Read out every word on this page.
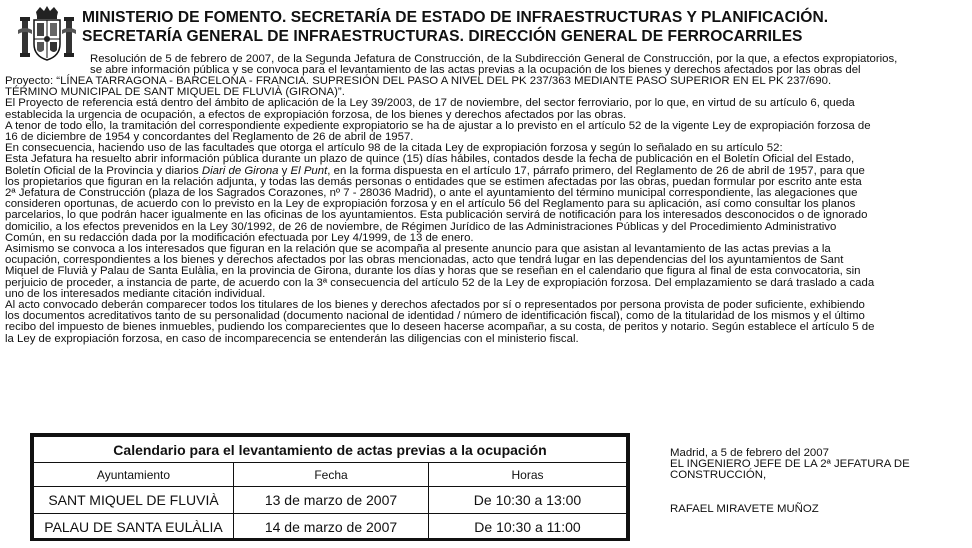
MINISTERIO DE FOMENTO. SECRETARÍA DE ESTADO DE INFRAESTRUCTURAS Y PLANIFICACIÓN.
SECRETARÍA GENERAL DE INFRAESTRUCTURAS. DIRECCIÓN GENERAL DE FERROCARRILES

Resolución de 5 de febrero de 2007, de la Segunda Jefatura de Construcción, de la Subdirección General de Construcción, por la que, a efectos expropiatorios,

se abre información pública y se convoca para el levantamiento de las actas previas a la ocupación de los bienes y derechos afectados por las obras del

Proyecto: “LÍNEA TARRAGONA - BARCELONA - FRANCIA. SUPRESIÓN DEL PASO A NIVEL DEL PK 237/363 MEDIANTE PASO SUPERIOR EN EL PK 237/690.

TÉRMINO MUNICIPAL DE SANT MIQUEL DE FLUVIÀ (GIRONA)”.

El Proyecto de referencia está dentro del ámbito de aplicación de la Ley 39/2003, de 17 de noviembre, del sector ferroviario, por lo que, en virtud de su artículo 6, queda

establecida la urgencia de ocupación, a efectos de expropiación forzosa, de los bienes y derechos afectados por las obras.

A tenor de todo ello, la tramitación del correspondiente expediente expropiatorio se ha de ajustar a lo previsto en el artículo 52 de la vigente Ley de expropiación forzosa de

16 de diciembre de 1954 y concordantes del Reglamento de 26 de abril de 1957.

En consecuencia, haciendo uso de las facultades que otorga el artículo 98 de la citada Ley de expropiación forzosa y según lo señalado en su artículo 52:

Esta Jefatura ha resuelto abrir información pública durante un plazo de quince (15) días hábiles, contados desde la fecha de publicación en el Boletín Oficial del Estado,

Boletín Oficial de la Provincia y diarios Diari de Girona y El Punt, en la forma dispuesta en el artículo 17, párrafo primero, del Reglamento de 26 de abril de 1957, para que

los propietarios que figuran en la relación adjunta, y todas las demás personas o entidades que se estimen afectadas por las obras, puedan formular por escrito ante esta

2ª Jefatura de Construcción (plaza de los Sagrados Corazones, nº 7 - 28036 Madrid), o ante el ayuntamiento del término municipal correspondiente, las alegaciones que

consideren oportunas, de acuerdo con lo previsto en la Ley de expropiación forzosa y en el artículo 56 del Reglamento para su aplicación, así como consultar los planos

parcelarios, lo que podrán hacer igualmente en las oficinas de los ayuntamientos. Esta publicación servirá de notificación para los interesados desconocidos o de ignorado

domicilio, a los efectos prevenidos en la Ley 30/1992, de 26 de noviembre, de Régimen Jurídico de las Administraciones Públicas y del Procedimiento Administrativo

Común, en su redacción dada por la modificación efectuada por Ley 4/1999, de 13 de enero.

Asimismo se convoca a los interesados que figuran en la relación que se acompaña al presente anuncio para que asistan al levantamiento de las actas previas a la

ocupación, correspondientes a los bienes y derechos afectados por las obras mencionadas, acto que tendrá lugar en las dependencias del los ayuntamientos de Sant

Miquel de Fluvià y Palau de Santa Eulàlia, en la provincia de Girona, durante los días y horas que se reseñan en el calendario que figura al final de esta convocatoria, sin

perjuicio de proceder, a instancia de parte, de acuerdo con la 3ª consecuencia del artículo 52 de la Ley de expropiación forzosa. Del emplazamiento se dará traslado a cada

uno de los interesados mediante citación individual.

Al acto convocado deberán comparecer todos los titulares de los bienes y derechos afectados por sí o representados por persona provista de poder suficiente, exhibiendo

los documentos acreditativos tanto de su personalidad (documento nacional de identidad / número de identificación fiscal), como de la titularidad de los mismos y el último

recibo del impuesto de bienes inmuebles, pudiendo los comparecientes que lo deseen hacerse acompañar, a su costa, de peritos y notario. Según establece el artículo 5 de

la Ley de expropiación forzosa, en caso de incomparecencia se entenderán las diligencias con el ministerio fiscal.

Calendario para el levantamiento de actas previas a la ocupación		
Ayuntamiento	Fecha	Horas
SANT MIQUEL DE FLUVIÀ	13 de marzo de 2007	De 10:30 a 13:00
PALAU DE SANTA EULÀLIA	14 de marzo de 2007	De 10:30 a 11:00
Madrid, a 5 de febrero del 2007
EL INGENIERO JEFE DE LA 2ª JEFATURA DE
CONSTRUCCIÓN,
RAFAEL MIRAVETE MUÑOZ
